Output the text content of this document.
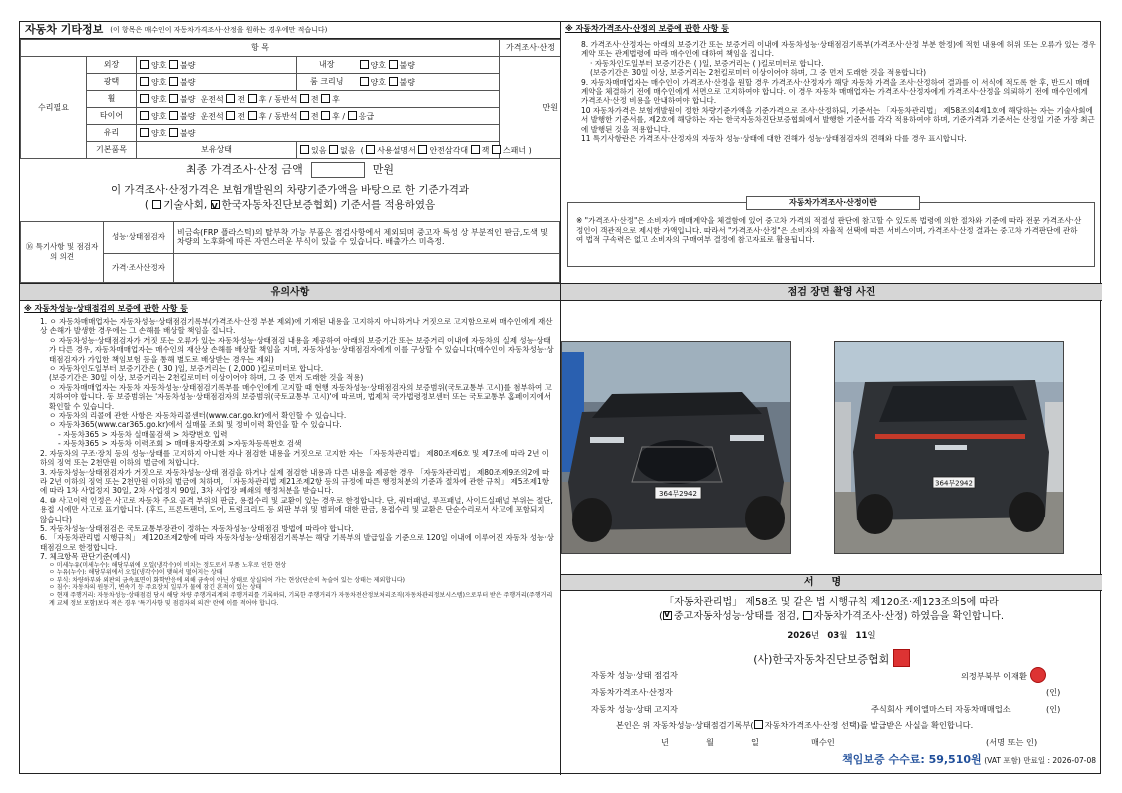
자동차 기타정보 (이 항목은 매수인이 자동차가격조사·산정을 원하는 경우에만 적습니다)
항 목					가격조사·산정	
수리필요	외장	양호 불량	내장	양호 불량	만원	
	광택	양호 불량	룸 크리닝	양호 불량		
	휠	양호 불량 운전석 전 후 / 동반석 전 후				
	타이어	양호 불량 운전석 전 후 / 동반석 전 후 / 응급				
	유리	양호 불량				
	기본품목	보유상태	있음 없음 ( 사용설명서 안전삼각대 잭 스패너 )			
최종 가격조사·산정 금액	만원
이 가격조사·산정가격은 보험개발원의 차량기준가액을 바탕으로 한 기준가격과
( 기술사회, V 한국자동차진단보증협회) 기준서를 적용하였음
⑯ 특기사항 및 점검자의 의견	성능·상태점검자	비금속(FRP 플라스틱)의 탈부착 가능 부품은 점검사항에서 제외되며 중고자 특성 상 부분적인 판금,도색 및 차량의 노후화에 따른 자연스러운 부식이 있을 수 있습니다. 배출가스 미측정.
	가격·조사산정자	
※ 자동차가격조사·산정의 보증에 관한 사항 등

8. 가격조사·산정자는 아래의 보증기간 또는 보증거리 이내에 자동차성능·상태점검기록부(가격조사·산정 부분 한정)에 적힌 내용에 허위 또는 오류가 있는 경우 계약 또는 관계법령에 따라 매수인에 대하여 책임을 집니다.

· 자동차인도일부터 보증기간은 ( )일, 보증거리는 ( )킬로미터로 합니다.

(보증기간은 30일 이상, 보증거리는 2천킬로미터 이상이어야 하며, 그 중 먼저 도래한 것을 적용합니다)

9. 자동차매매업자는 매수인이 가격조사·산정을 원할 경우 가격조사·산정자가 해당 자동차 가격을 조사·산정하여 결과를 이 서식에 적도록 한 후, 반드시 매매계약을 체결하기 전에 매수인에게 서면으로 고지하여야 합니다. 이 경우 자동차 매매업자는 가격조사·산정자에게 가격조사·산정을 의뢰하기 전에 매수인에게 가격조사·산정 비용을 안내하여야 합니다.

10 자동차가격은 보험개발원이 정한 차량기준가액을 기준가격으로 조사·산정하되, 기준서는 「자동차관리법」 제58조의4제1호에 해당하는 자는 기술사회에서 발행한 기준서를, 제2호에 해당하는 자는 한국자동차진단보증협회에서 발행한 기준서를 각각 적용하여야 하며, 기준가격과 기준서는 산정일 기준 가장 최근에 발행된 것을 적용합니다.

11 특기사항란은 가격조사·산정자의 자동차 성능·상태에 대한 견해가 성능·상태점검자의 견해와 다를 경우 표시합니다.

자동차가격조사·산정이란
※ "가격조사·산정"은 소비자가 매매계약을 체결함에 있어 중고차 가격의 적절성 판단에 참고할 수 있도록 법령에 의한 절차와 기준에 따라 전문 가격조사·산정인이 객관적으로 제시한 가액입니다. 따라서 "가격조사·산정"은 소비자의 자율적 선택에 따른 서비스이며, 가격조사·산정 결과는 중고차 가격판단에 관하여 법적 구속력은 없고 소비자의 구매여부 결정에 참고자료로 활용됩니다.
유의사항
※ 자동차성능·상태점검의 보증에 관한 사항 등

1. ㅇ 자동차매매업자는 자동차성능·상태점검기록부(가격조사·산정 부분 제외)에 기재된 내용을 고지하지 아니하거나 거짓으로 고지함으로써 매수인에게 재산상 손해가 발생한 경우에는 그 손해를 배상할 책임을 집니다.

ㅇ 자동차성능·상태점검자가 거짓 또는 오류가 있는 자동차성능·상태점검 내용을 제공하여 아래의 보증기간 또는 보증거리 이내에 자동차의 실제 성능·상태가 다른 경우, 자동차매매업자는 매수인의 재산상 손해를 배상할 책임을 지며, 자동차성능·상태점검자에게 이를 구상할 수 있습니다(매수인이 자동차성능·상태점검자가 가입한 책임보험 등을 통해 별도로 배상받는 경우는 제외)

ㅇ 자동차인도일부터 보증기간은 ( 30 )일, 보증거리는 ( 2,000 )킬로미터로 합니다.

(보증기간은 30일 이상, 보증거리는 2천킬로미터 이상이어야 하며, 그 중 먼저 도래한 것을 적용)

ㅇ 자동차매매업자는 자동차 자동차성능·상태점검기록부를 매수인에게 고지할 때 현행 자동차성능·상태점검자의 보증범위(국토교통부 고시)를 첨부하여 고지하여야 합니다. 동 보증범위는 '자동차성능·상태점검자의 보증범위(국토교통부 고시)'에 따르며, 법제처 국가법령정보센터 또는 국토교통부 홈페이지에서 확인할 수 있습니다.

ㅇ 자동차의 리콜에 관한 사항은 자동차리콜센터(www.car.go.kr)에서 확인할 수 있습니다.

ㅇ 자동차365(www.car365.go.kr)에서 실매물 조회 및 정비이력 확인을 할 수 있습니다.

- 자동차365 > 자동차 실매물검색 > 차량번호 입력

- 자동차365 > 자동차 이력조회 > 매매용자량조회 >자동차등록번호 검색

2. 자동차의 구조·장치 등의 성능·상태를 고지하지 아니한 자나 점검한 내용을 거짓으로 고지한 자는 「자동차관리법」 제80조제6호 및 제7조에 따라 2년 이하의 징역 또는 2천만원 이하의 벌금에 처합니다.

3. 자동차성능·상태점검자가 거짓으로 자동차성능·상태 점검을 하거나 실제 점검한 내용과 다른 내용을 제공한 경우 「자동차관리법」 제80조제9조의2에 따라 2년 이하의 징역 또는 2천만원 이하의 벌금에 처하며, 「자동차관리법 제21조제2항 등의 규정에 따른 행정처분의 기준과 절차에 관한 규칙」 제5조제1항에 따라 1차 사업정지 30일, 2차 사업정지 90일, 3차 사업장 폐쇄의 행정처분을 받습니다.

4. ⑩ 사고이력 인정은 사고로 자동차 주요 골격 부위의 판금, 용접수리 및 교환이 있는 경우로 한정합니다. 단, 쿼터패널, 루프패널, 사이드실패널 부위는 절단, 용접 시에만 사고로 표기합니다. (후드, 프론트팬더, 도어, 트렁크리드 등 외판 부위 및 범퍼에 대한 판금, 용접수리 및 교환은 단순수리로서 사고에 포함되지 않습니다)

5. 자동차성능·상태점검은 국토교통부장관이 정하는 자동차성능·상태점검 방법에 따라야 합니다.

6. 「자동차관리법 시행규칙」 제120조제2항에 따라 자동차성능·상태점검기록부는 해당 기록부의 발급일을 기준으로 120일 이내에 이루어진 자동차 성능·상태점검으로 한정합니다.

7. 체크항목 판단기준(예시)

ㅇ 미세누유(미세누수): 해당부위에 오일(냉각수)이 비치는 정도로서 부품 노후로 인한 현상

ㅇ 누유(누수): 해당부위에서 오일(냉각수)이 맺혀서 떨어지는 상태

ㅇ 부식: 차량하부와 외판의 금속표면이 화학반응에 의해 금속이 아닌 상태로 상실되어 가는 현상(단순히 녹슬어 있는 상태는 제외합니다)

ㅇ 침수: 자동차의 원동기, 변속기 등 주요장치 일부가 물에 잠긴 흔적이 있는 상태

ㅇ 현재 주행거리: 자동차성능·상태점검 당시 해당 차량 주행거리계의 주행거리를 기록하되, 기록한 주행거리가 자동차전산정보처리조직(자동차관리정보시스템)으로부터 받은 주행거리(주행거리계 교체 정보 포함)보다 적은 경우 '특기사항 및 점검자의 의견' 란에 이를 적어야 합니다.

점검 장면 촬영 사진
364무2942
364무2942
서명
「자동차관리법」 제58조 및 같은 법 시행규칙 제120조·제123조의5에 따라
( V 중고자동차성능·상태를 점검, 자동차가격조사·산정) 하였음을 확인합니다.
2026년 03월 11일
(사)한국자동차진단보증협회
자동차 성능·상태 점검자	의정부북부 이재환
자동차가격조사·산정자	(인)
자동차 성능·상태 고지자	주식회사 케이엘마스터 자동차매매업소	(인)
본인은 위 자동차성능·상태점검기록부( 자동차가격조사·산정 선택)를 발급받은 사실을 확인합니다.
년	월	일	매수인	(서명 또는 인)
책임보증 수수료: 59,510원 (VAT 포함) 만료일 : 2026-07-08
